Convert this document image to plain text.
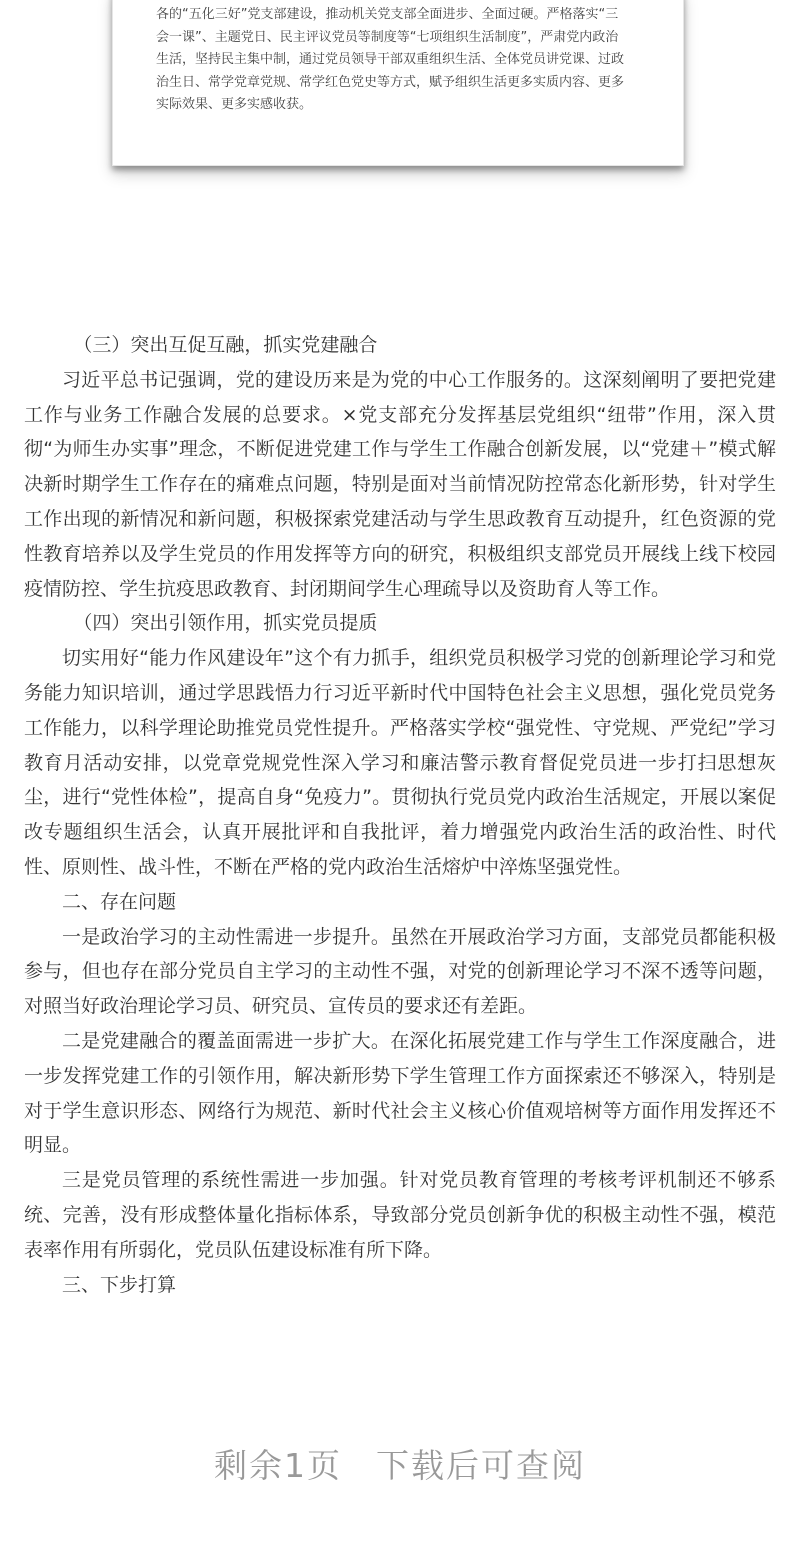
各的“五化三好”党支部建设，推动机关党支部全面进步、全面过硬。严格落实“三

会一课”、主题党日、民主评议党员等制度等“七项组织生活制度”，严肃党内政治

生活，坚持民主集中制，通过党员领导干部双重组织生活、全体党员讲党课、过政

治生日、常学党章党规、常学红色党史等方式，赋予组织生活更多实质内容、更多

实际效果、更多实感收获。

（三）突出互促互融，抓实党建融合

习近平总书记强调，党的建设历来是为党的中心工作服务的。这深刻阐明了要把党建工作与业务工作融合发展的总要求。×党支部充分发挥基层党组织“纽带”作用，深入贯彻“为师生办实事”理念，不断促进党建工作与学生工作融合创新发展，以“党建＋”模式解决新时期学生工作存在的痛难点问题，特别是面对当前情况防控常态化新形势，针对学生工作出现的新情况和新问题，积极探索党建活动与学生思政教育互动提升，红色资源的党性教育培养以及学生党员的作用发挥等方向的研究，积极组织支部党员开展线上线下校园疫情防控、学生抗疫思政教育、封闭期间学生心理疏导以及资助育人等工作。

（四）突出引领作用，抓实党员提质

切实用好“能力作风建设年”这个有力抓手，组织党员积极学习党的创新理论学习和党务能力知识培训，通过学思践悟力行习近平新时代中国特色社会主义思想，强化党员党务工作能力，以科学理论助推党员党性提升。严格落实学校“强党性、守党规、严党纪”学习教育月活动安排，以党章党规党性深入学习和廉洁警示教育督促党员进一步打扫思想灰尘，进行“党性体检”，提高自身“免疫力”。贯彻执行党员党内政治生活规定，开展以案促改专题组织生活会，认真开展批评和自我批评，着力增强党内政治生活的政治性、时代性、原则性、战斗性，不断在严格的党内政治生活熔炉中淬炼坚强党性。

二、存在问题

一是政治学习的主动性需进一步提升。虽然在开展政治学习方面，支部党员都能积极参与，但也存在部分党员自主学习的主动性不强，对党的创新理论学习不深不透等问题，对照当好政治理论学习员、研究员、宣传员的要求还有差距。

二是党建融合的覆盖面需进一步扩大。在深化拓展党建工作与学生工作深度融合，进一步发挥党建工作的引领作用，解决新形势下学生管理工作方面探索还不够深入，特别是对于学生意识形态、网络行为规范、新时代社会主义核心价值观培树等方面作用发挥还不明显。

三是党员管理的系统性需进一步加强。针对党员教育管理的考核考评机制还不够系统、完善，没有形成整体量化指标体系，导致部分党员创新争优的积极主动性不强，模范表率作用有所弱化，党员队伍建设标准有所下降。

三、下步打算

剩余1页 下载后可查阅
